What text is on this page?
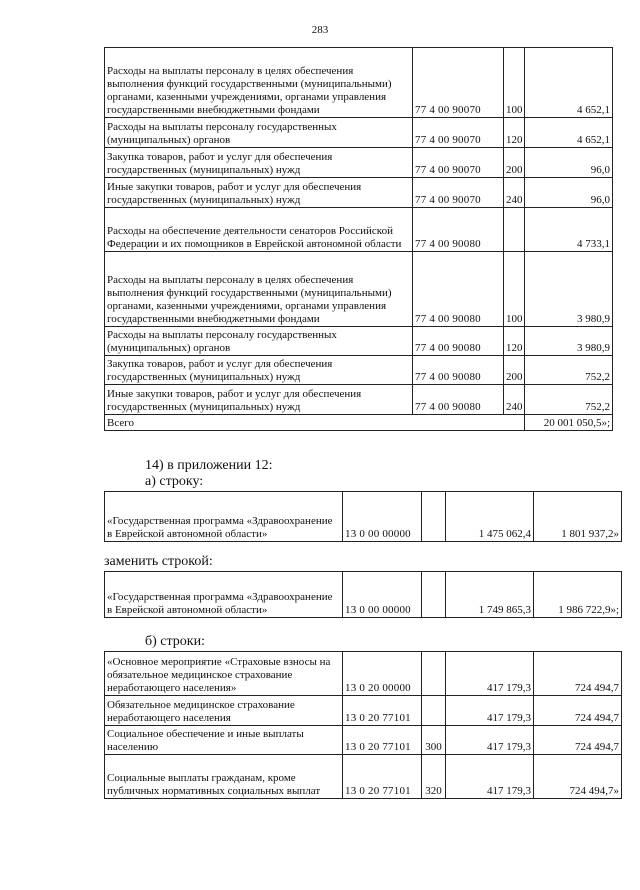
283
Расходы на выплаты персоналу в целях обеспечения выполнения функций государственными (муниципальными) органами, казенными учреждениями, органами управления государственными внебюджетными фондами	77 4 00 90070	100	4 652,1
Расходы на выплаты персоналу государственных (муниципальных) органов	77 4 00 90070	120	4 652,1
Закупка товаров, работ и услуг для обеспечения государственных (муниципальных) нужд	77 4 00 90070	200	96,0
Иные закупки товаров, работ и услуг для обеспечения государственных (муниципальных) нужд	77 4 00 90070	240	96,0
Расходы на обеспечение деятельности сенаторов Российской Федерации и их помощников в Еврейской автономной области	77 4 00 90080		4 733,1
Расходы на выплаты персоналу в целях обеспечения выполнения функций государственными (муниципальными) органами, казенными учреждениями, органами управления государственными внебюджетными фондами	77 4 00 90080	100	3 980,9
Расходы на выплаты персоналу государственных (муниципальных) органов	77 4 00 90080	120	3 980,9
Закупка товаров, работ и услуг для обеспечения государственных (муниципальных) нужд	77 4 00 90080	200	752,2
Иные закупки товаров, работ и услуг для обеспечения государственных (муниципальных) нужд	77 4 00 90080	240	752,2
Всего			20 001 050,5»;
14) в приложении 12:
а) строку:
«Государственная программа «Здравоохранение в Еврейской автономной области»	13 0 00 00000		1 475 062,4	1 801 937,2»
заменить строкой:
«Государственная программа «Здравоохранение в Еврейской автономной области»	13 0 00 00000		1 749 865,3	1 986 722,9»;
б) строки:
«Основное мероприятие «Страховые взносы на обязательное медицинское страхование неработающего населения»	13 0 20 00000		417 179,3	724 494,7
Обязательное медицинское страхование неработающего населения	13 0 20 77101		417 179,3	724 494,7
Социальное обеспечение и иные выплаты населению	13 0 20 77101	300	417 179,3	724 494,7
Социальные выплаты гражданам, кроме публичных нормативных социальных выплат	13 0 20 77101	320	417 179,3	724 494,7»
